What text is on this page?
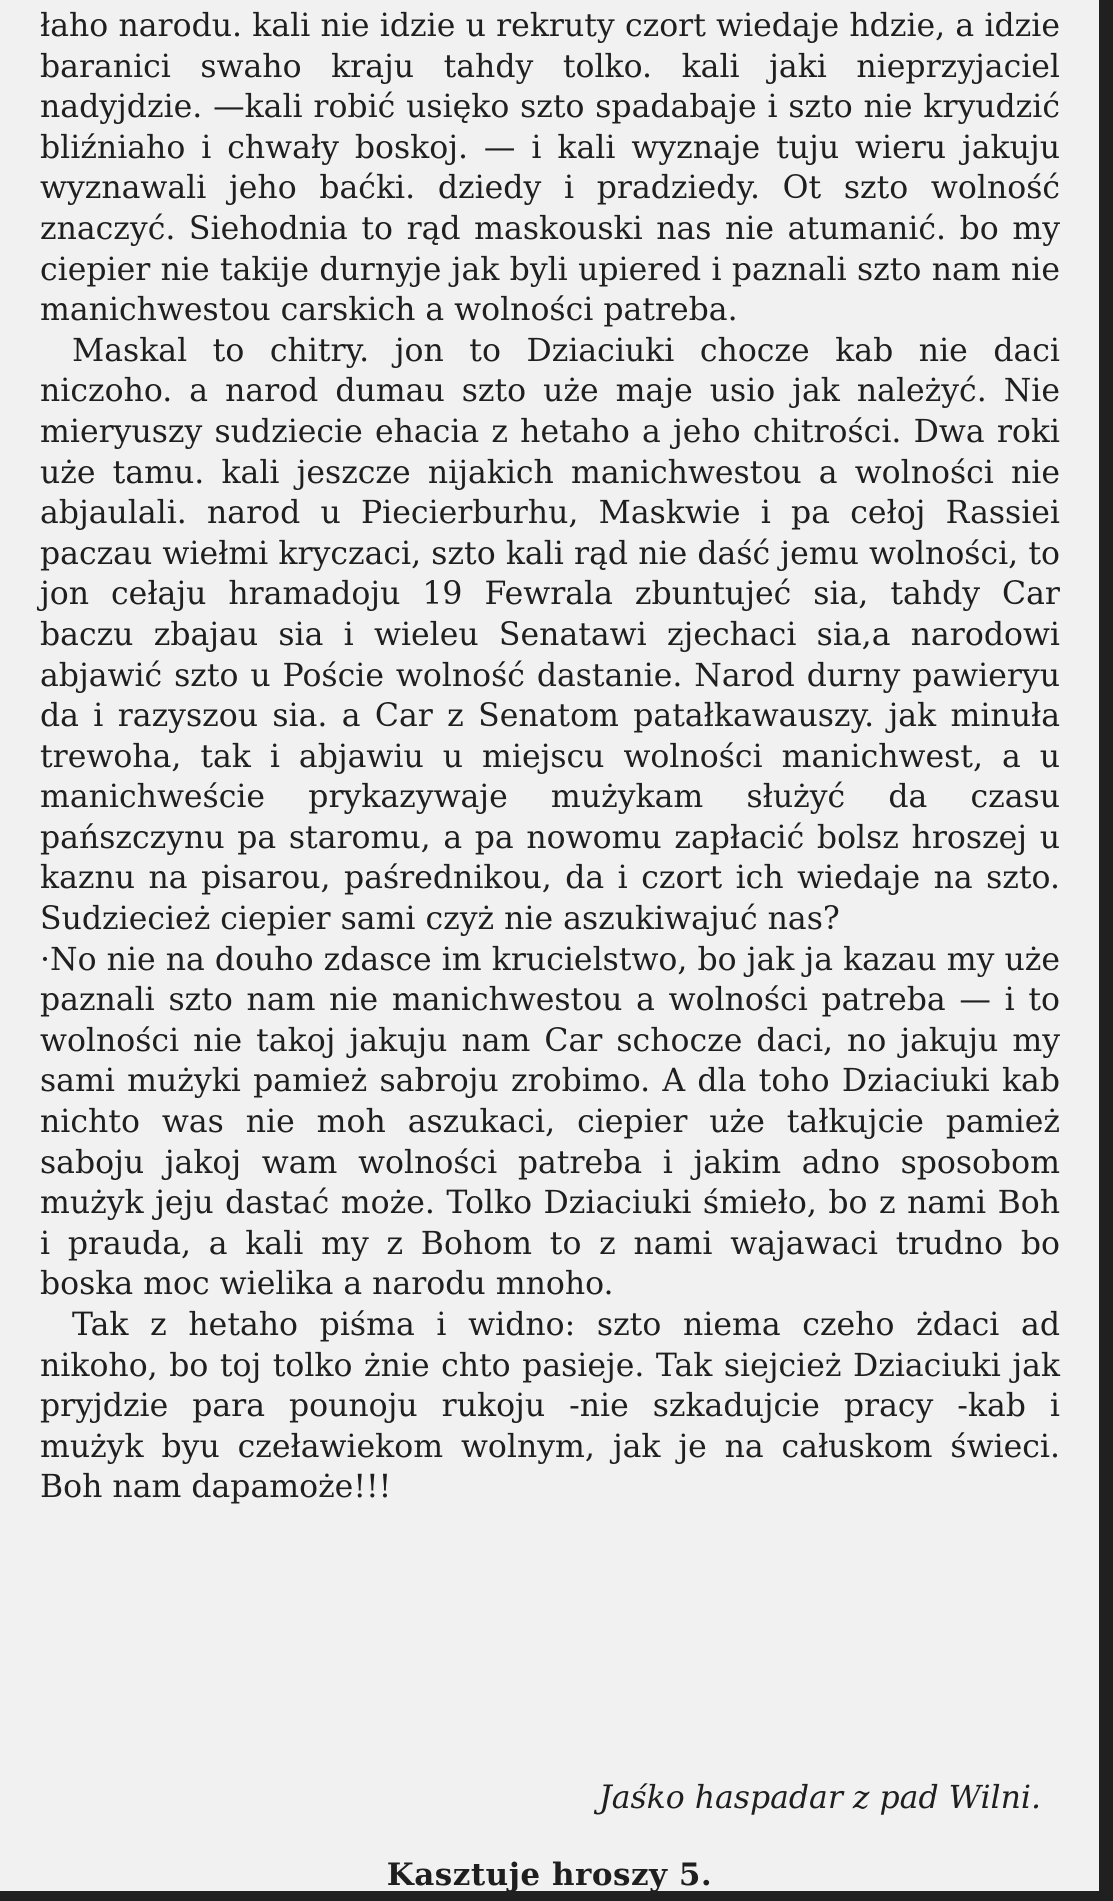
łaho narodu. kali nie idzie u rekruty czort wiedaje hdzie, a idzie baranici swaho kraju tahdy tolko. kali jaki nieprzyjaciel nadyjdzie. —kali robić usięko szto spadabaje i szto nie kryudzić bliźniaho i chwały boskoj. — i kali wyznaje tuju wieru jakuju wyznawali jeho baćki. dziedy i pradziedy. Ot szto wolność znaczyć. Siehodnia to rąd maskouski nas nie atumanić. bo my ciepier nie takije durnyje jak byli upiered i paznali szto nam nie manichwestou carskich a wolności patreba.

Maskal to chitry. jon to Dziaciuki chocze kab nie daci niczoho. a narod dumau szto uże maje usio jak należyć. Nie mieryuszy sudziecie ehacia z hetaho a jeho chitrości. Dwa roki uże tamu. kali jeszcze nijakich manichwestou a wolności nie abjaulali. narod u Piecierburhu, Maskwie i pa cełoj Rassiei paczau wiełmi kryczaci, szto kali rąd nie daść jemu wolności, to jon cełaju hramadoju 19 Fewrala zbuntujeć sia, tahdy Car baczu zbajau sia i wieleu Senatawi zjechaci sia,a narodowi abjawić szto u Poście wolność dastanie. Narod durny pawieryu da i razyszou sia. a Car z Senatom patałkawauszy. jak minuła trewoha, tak i abjawiu u miejscu wolności manichwest, a u manichweście prykazywaje mużykam służyć da czasu pańszczynu pa staromu, a pa nowomu zapłacić bolsz hroszej u kaznu na pisarou, paśrednikou, da i czort ich wiedaje na szto. Sudziecież ciepier sami czyż nie aszukiwajuć nas?

·No nie na douho zdasce im krucielstwo, bo jak ja kazau my uże paznali szto nam nie manichwestou a wolności patreba — i to wolności nie takoj jakuju nam Car schocze daci, no jakuju my sami mużyki pamież sabroju zrobimo. A dla toho Dziaciuki kab nichto was nie moh aszukaci, ciepier uże tałkujcie pamież saboju jakoj wam wolności patreba i jakim adno sposobom mużyk jeju dastać może. Tolko Dziaciuki śmieło, bo z nami Boh i prauda, a kali my z Bohom to z nami wajawaci trudno bo boska moc wielika a narodu mnoho.

Tak z hetaho piśma i widno: szto niema czeho żdaci ad nikoho, bo toj tolko żnie chto pasieje. Tak siejcież Dziaciuki jak pryjdzie para pounoju rukoju -nie szkadujcie pracy -kab i mużyk byu czeławiekom wolnym, jak je na całuskom świeci. Boh nam dapamoże!!!

Jaśko haspadar z pad Wilni.
Kasztuje hroszy 5.
